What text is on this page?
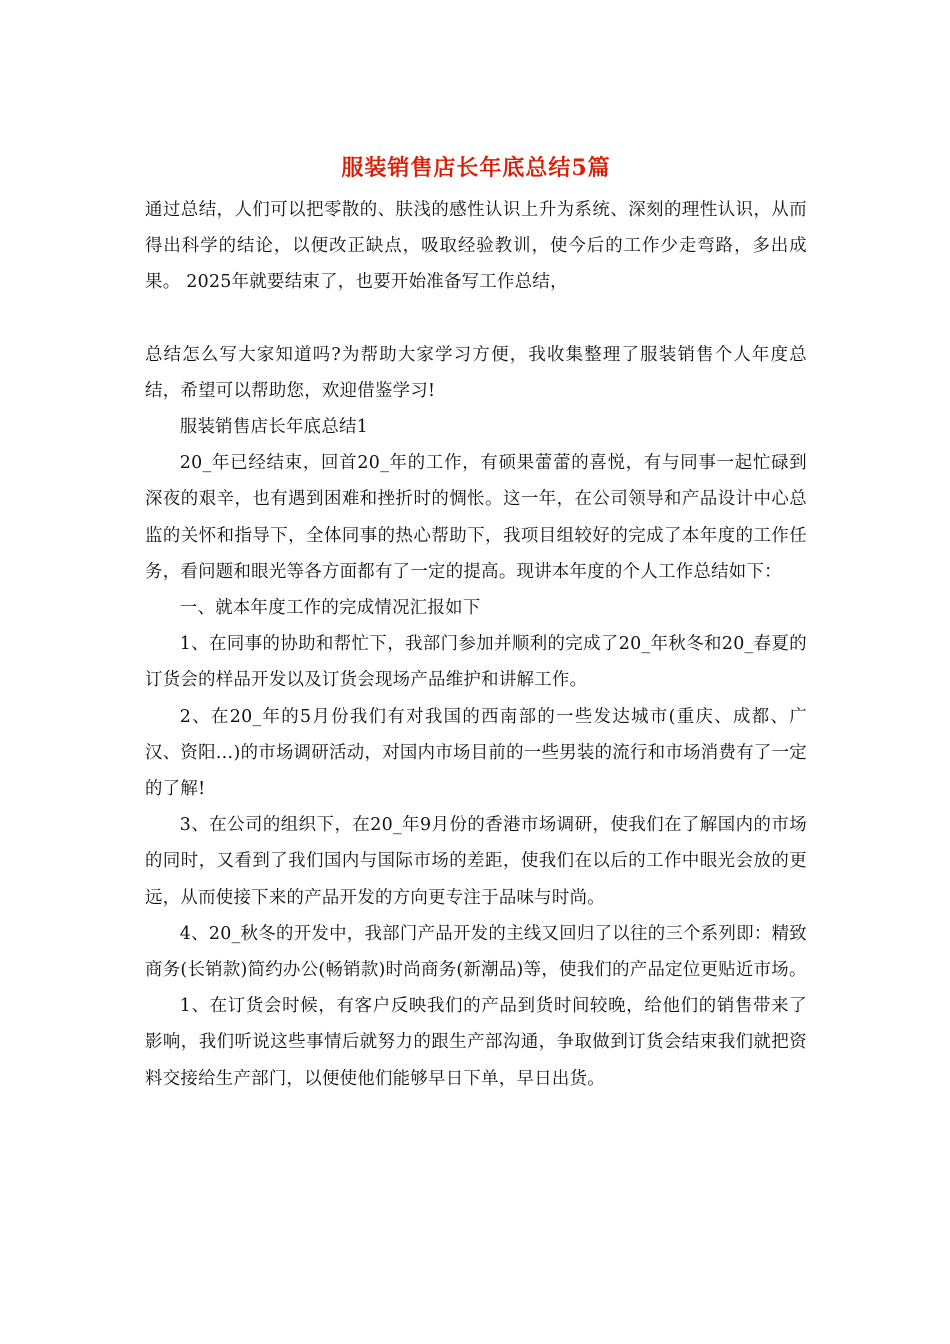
服装销售店长年底总结5篇

通过总结，人们可以把零散的、肤浅的感性认识上升为系统、深刻的理性认识，从而得出科学的结论，以便改正缺点，吸取经验教训，使今后的工作少走弯路，多出成果。 2025年就要结束了，也要开始准备写工作总结，

总结怎么写大家知道吗?为帮助大家学习方便，我收集整理了服装销售个人年度总结，希望可以帮助您，欢迎借鉴学习!

服装销售店长年底总结1

20_年已经结束，回首20_年的工作，有硕果蕾蕾的喜悦，有与同事一起忙碌到深夜的艰辛，也有遇到困难和挫折时的惆怅。这一年，在公司领导和产品设计中心总监的关怀和指导下，全体同事的热心帮助下，我项目组较好的完成了本年度的工作任务，看问题和眼光等各方面都有了一定的提高。现讲本年度的个人工作总结如下：

一、就本年度工作的完成情况汇报如下

1、在同事的协助和帮忙下，我部门参加并顺利的完成了20_年秋冬和20_春夏的订货会的样品开发以及订货会现场产品维护和讲解工作。

2、在20_年的5月份我们有对我国的西南部的一些发达城市(重庆、成都、广汉、资阳…)的市场调研活动，对国内市场目前的一些男装的流行和市场消费有了一定的了解!

3、在公司的组织下，在20_年9月份的香港市场调研，使我们在了解国内的市场的同时，又看到了我们国内与国际市场的差距，使我们在以后的工作中眼光会放的更远，从而使接下来的产品开发的方向更专注于品味与时尚。

4、20_秋冬的开发中，我部门产品开发的主线又回归了以往的三个系列即：精致商务(长销款)简约办公(畅销款)时尚商务(新潮品)等，使我们的产品定位更贴近市场。

1、在订货会时候，有客户反映我们的产品到货时间较晚，给他们的销售带来了影响，我们听说这些事情后就努力的跟生产部沟通，争取做到订货会结束我们就把资料交接给生产部门，以便使他们能够早日下单，早日出货。
